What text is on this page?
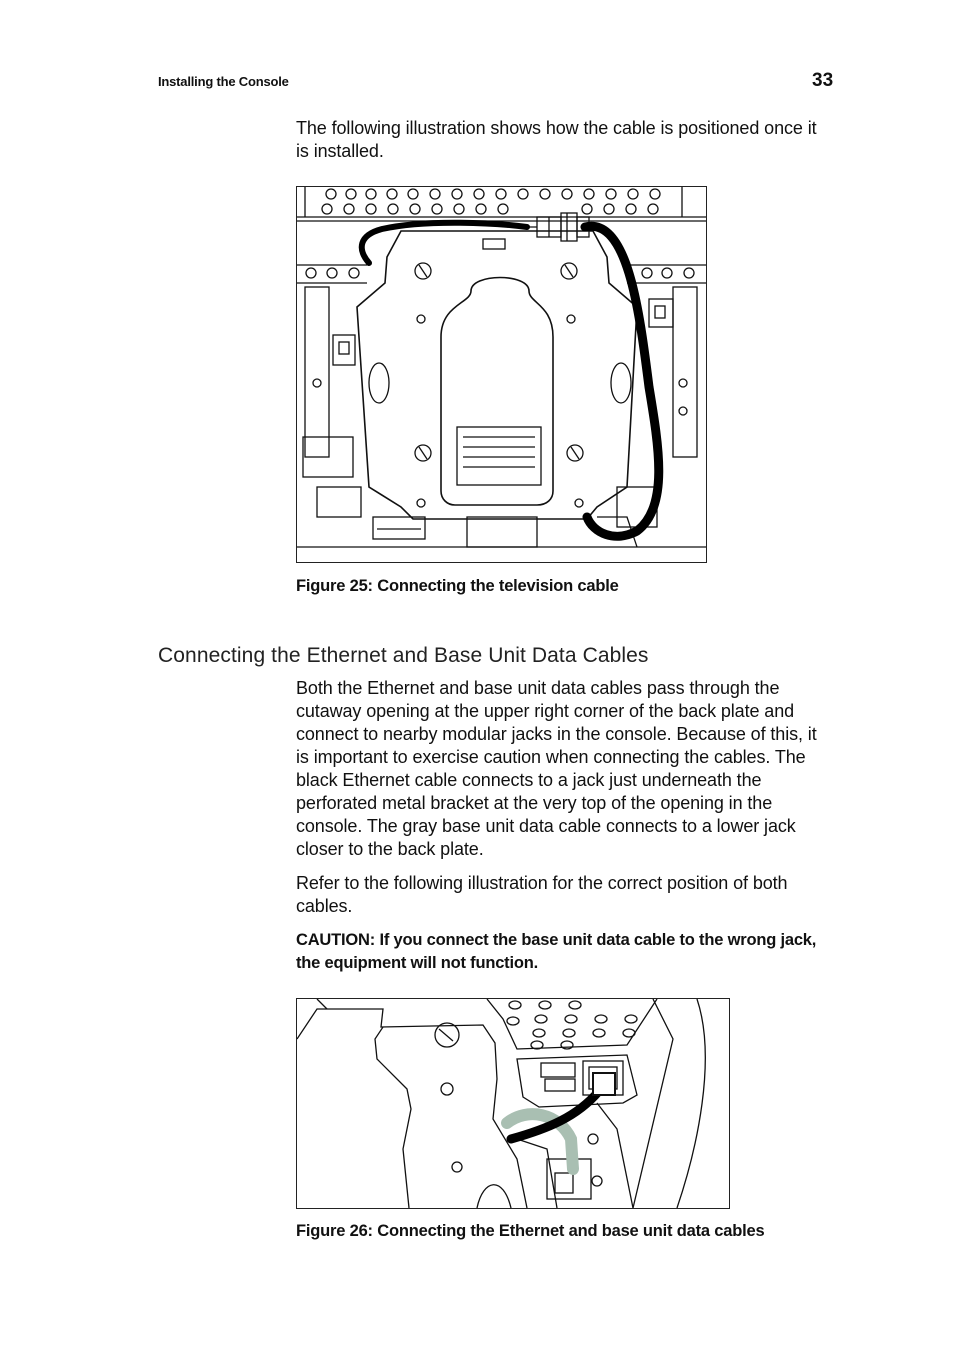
Installing the Console	33

The following illustration shows how the cable is positioned once it is installed.

Figure 25: Connecting the television cable
Connecting the Ethernet and Base Unit Data Cables

Both the Ethernet and base unit data cables pass through the cutaway opening at the upper right corner of the back plate and connect to nearby modular jacks in the console. Because of this, it is important to exercise caution when connecting the cables. The black Ethernet cable connects to a jack just underneath the perforated metal bracket at the very top of the opening in the console. The gray base unit data cable connects to a lower jack closer to the back plate.

Refer to the following illustration for the correct position of both cables.

CAUTION: If you connect the base unit data cable to the wrong jack, the equipment will not function.

Figure 26: Connecting the Ethernet and base unit data cables
